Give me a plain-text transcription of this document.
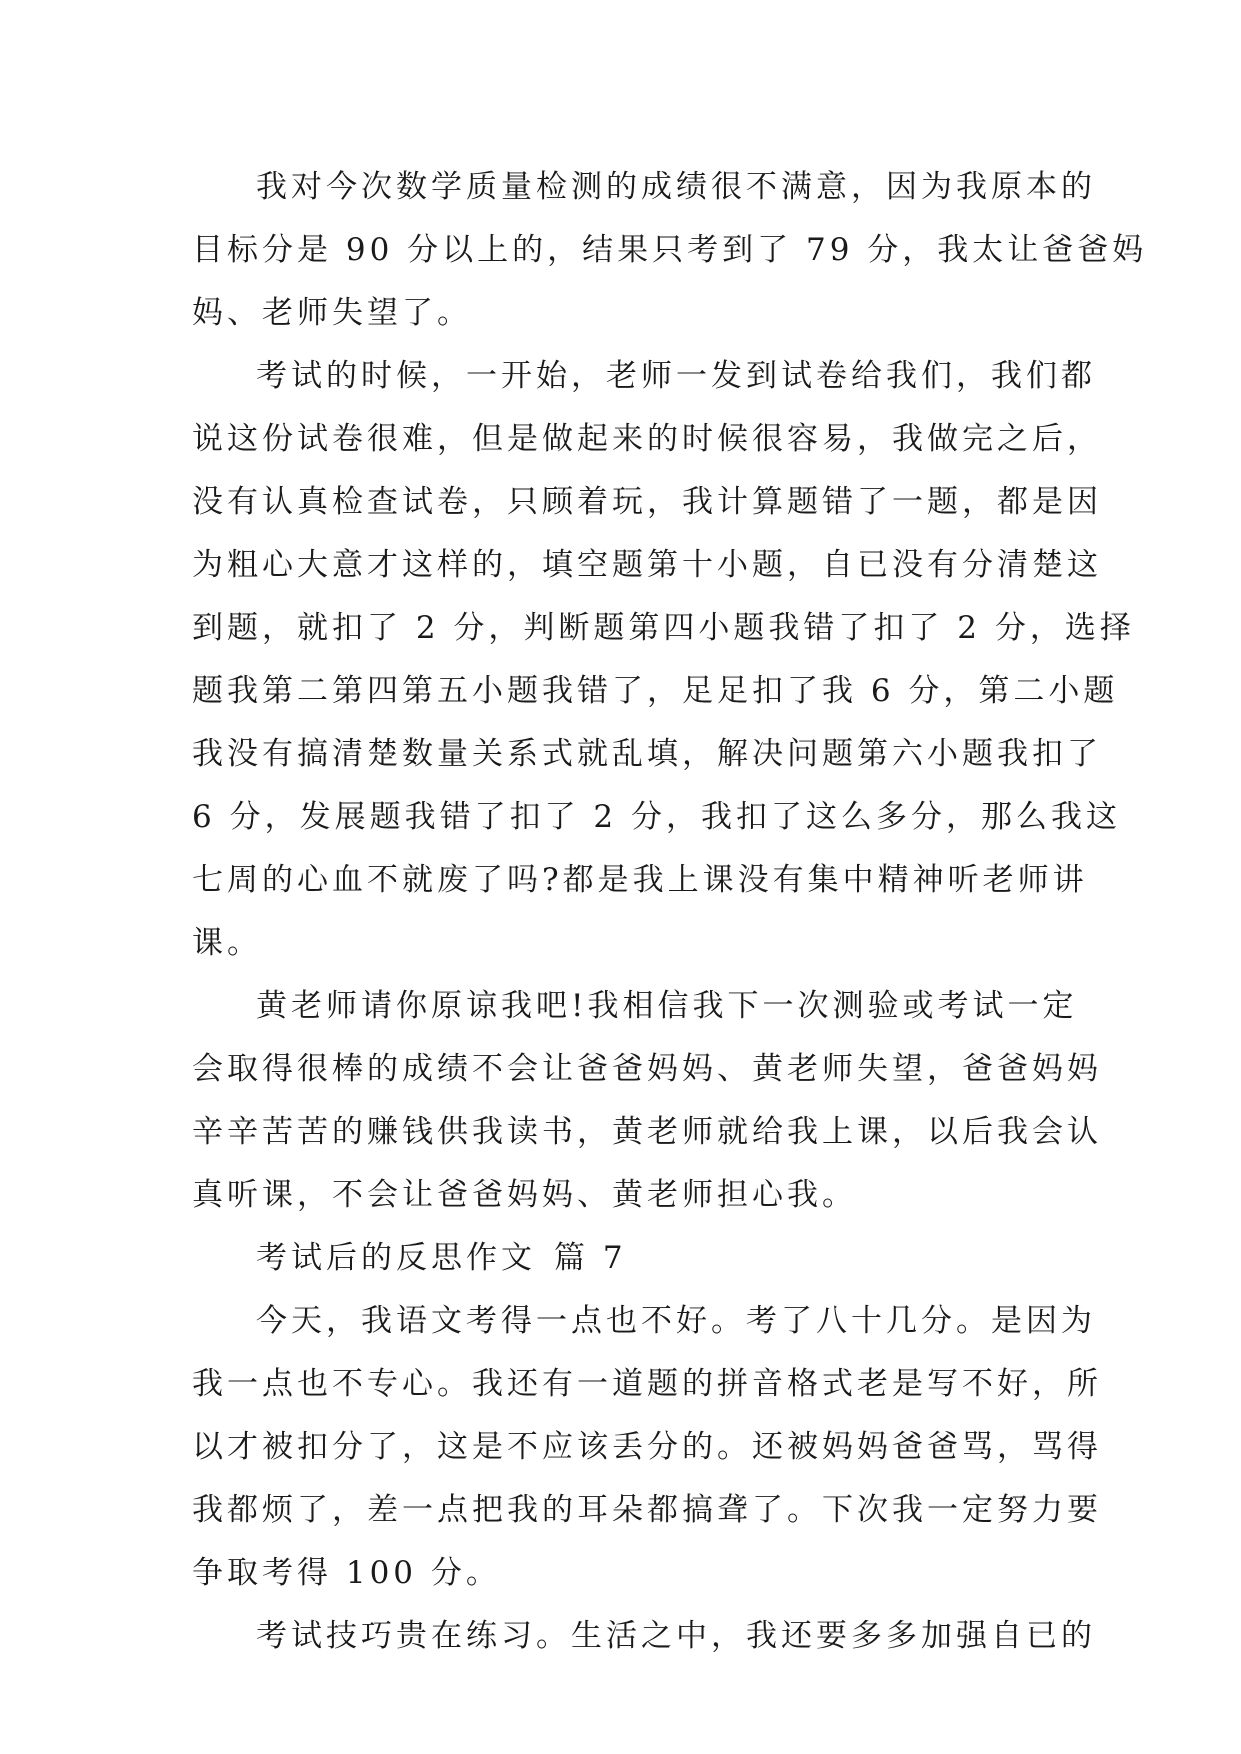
我对今次数学质量检测的成绩很不满意，因为我原本的
目标分是 90 分以上的，结果只考到了 79 分，我太让爸爸妈
妈、老师失望了。
考试的时候，一开始，老师一发到试卷给我们，我们都
说这份试卷很难，但是做起来的时候很容易，我做完之后，
没有认真检查试卷，只顾着玩，我计算题错了一题，都是因
为粗心大意才这样的，填空题第十小题，自已没有分清楚这
到题，就扣了 2 分，判断题第四小题我错了扣了 2 分，选择
题我第二第四第五小题我错了，足足扣了我 6 分，第二小题
我没有搞清楚数量关系式就乱填，解决问题第六小题我扣了
6 分，发展题我错了扣了 2 分，我扣了这么多分，那么我这
七周的心血不就废了吗?都是我上课没有集中精神听老师讲
课。
黄老师请你原谅我吧!我相信我下一次测验或考试一定
会取得很棒的成绩不会让爸爸妈妈、黄老师失望，爸爸妈妈
辛辛苦苦的赚钱供我读书，黄老师就给我上课，以后我会认
真听课，不会让爸爸妈妈、黄老师担心我。
考试后的反思作文 篇 7
今天，我语文考得一点也不好。考了八十几分。是因为
我一点也不专心。我还有一道题的拼音格式老是写不好，所
以才被扣分了，这是不应该丢分的。还被妈妈爸爸骂，骂得
我都烦了，差一点把我的耳朵都搞聋了。下次我一定努力要
争取考得 100 分。
考试技巧贵在练习。生活之中，我还要多多加强自已的
